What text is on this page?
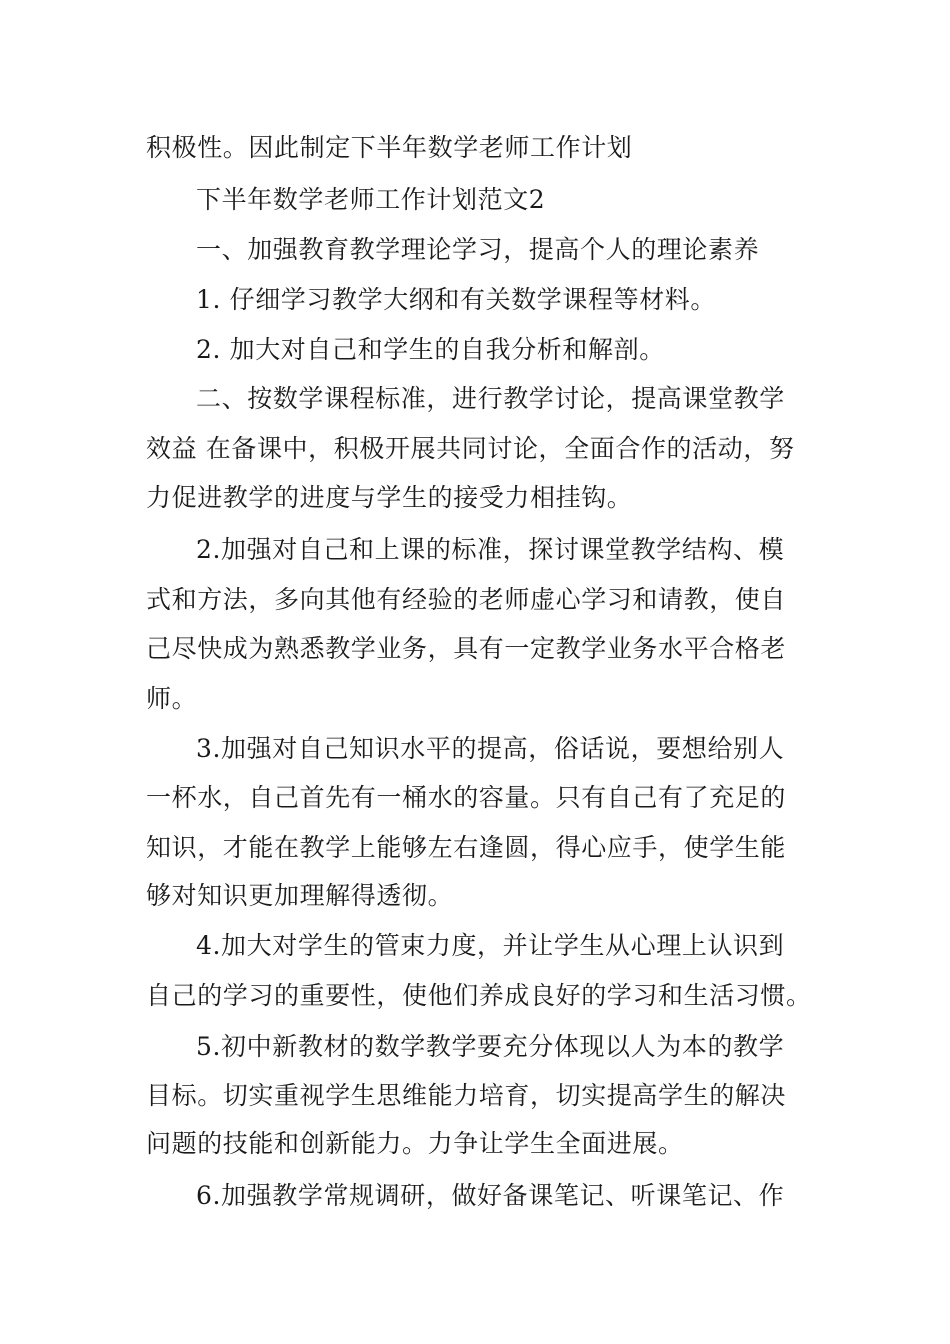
积极性。因此制定下半年数学老师工作计划
下半年数学老师工作计划范文2
一、加强教育教学理论学习，提高个人的理论素养
1. 仔细学习教学大纲和有关数学课程等材料。
2. 加大对自己和学生的自我分析和解剖。
二、按数学课程标准，进行教学讨论，提高课堂教学
效益 在备课中，积极开展共同讨论，全面合作的活动，努
力促进教学的进度与学生的接受力相挂钩。
2.加强对自己和上课的标准，探讨课堂教学结构、模
式和方法，多向其他有经验的老师虚心学习和请教，使自
己尽快成为熟悉教学业务，具有一定教学业务水平合格老
师。
3.加强对自己知识水平的提高，俗话说，要想给别人
一杯水，自己首先有一桶水的容量。只有自己有了充足的
知识，才能在教学上能够左右逢圆，得心应手，使学生能
够对知识更加理解得透彻。
4.加大对学生的管束力度，并让学生从心理上认识到
自己的学习的重要性，使他们养成良好的学习和生活习惯。
5.初中新教材的数学教学要充分体现以人为本的教学
目标。切实重视学生思维能力培育，切实提高学生的解决
问题的技能和创新能力。力争让学生全面进展。
6.加强教学常规调研，做好备课笔记、听课笔记、作
